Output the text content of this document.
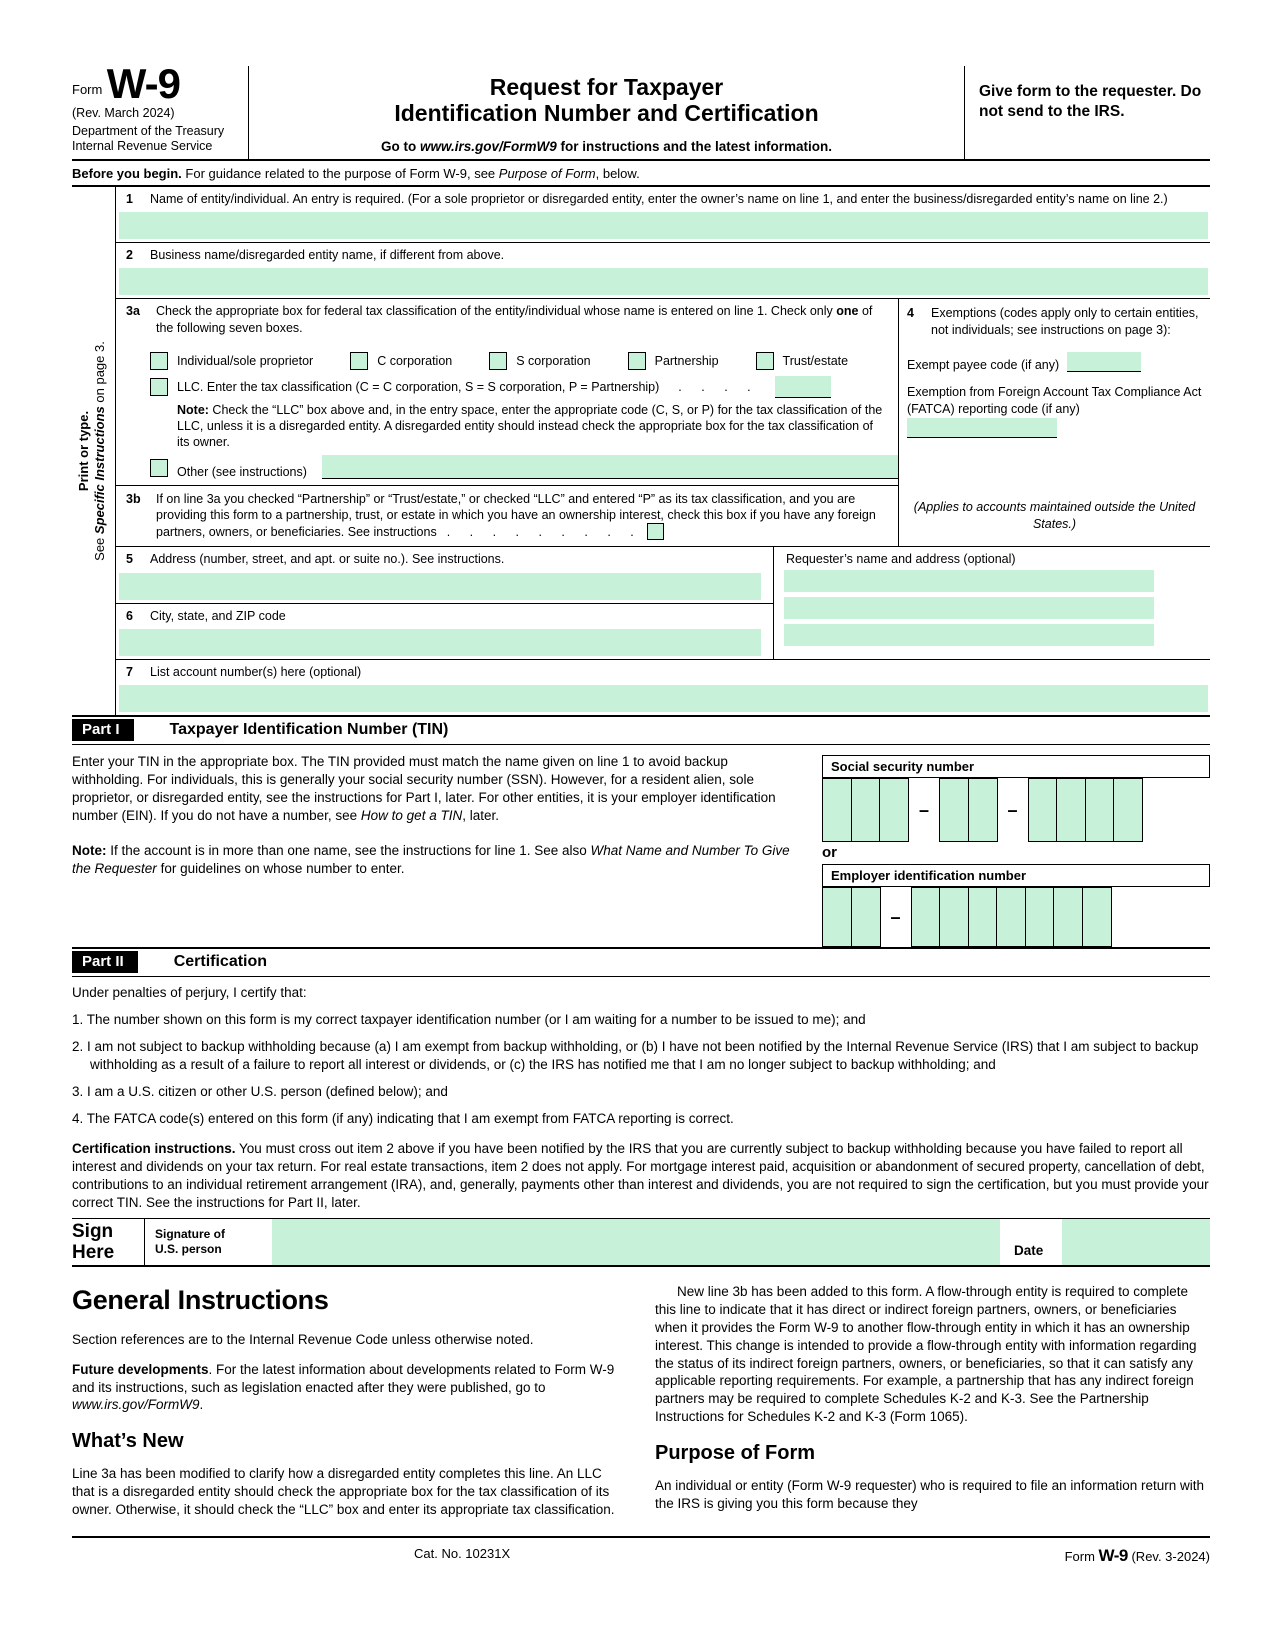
Form W-9
(Rev. March 2024)
Department of the Treasury
Internal Revenue Service
Request for Taxpayer
Identification Number and Certification
Go to www.irs.gov/FormW9 for instructions and the latest information.
Give form to the requester. Do not send to the IRS.
Before you begin. For guidance related to the purpose of Form W-9, see Purpose of Form, below.
Print or type.
See Specific Instructions on page 3.
1	Name of entity/individual. An entry is required. (For a sole proprietor or disregarded entity, enter the owner’s name on line 1, and enter the business/disregarded entity’s name on line 2.)
2	Business name/disregarded entity name, if different from above.
3a	Check the appropriate box for federal tax classification of the entity/individual whose name is entered on line 1. Check only one of the following seven boxes.
Individual/sole proprietor	C corporation	S corporation	Partnership	Trust/estate
LLC. Enter the tax classification (C = C corporation, S = S corporation, P = Partnership) . . . .
Note: Check the “LLC” box above and, in the entry space, enter the appropriate code (C, S, or P) for the tax classification of the LLC, unless it is a disregarded entity. A disregarded entity should instead check the appropriate box for the tax classification of its owner.
Other (see instructions)
3b	If on line 3a you checked “Partnership” or “Trust/estate,” or checked “LLC” and entered “P” as its tax classification, and you are providing this form to a partnership, trust, or estate in which you have an ownership interest, check this box if you have any foreign partners, owners, or beneficiaries. See instructions . . . . . . . . .
4	Exemptions (codes apply only to certain entities, not individuals; see instructions on page 3):
Exempt payee code (if any)
Exemption from Foreign Account Tax Compliance Act (FATCA) reporting code (if any)
(Applies to accounts maintained outside the United States.)
5	Address (number, street, and apt. or suite no.). See instructions.
6	City, state, and ZIP code
Requester’s name and address (optional)
7	List account number(s) here (optional)
Part I	Taxpayer Identification Number (TIN)

Enter your TIN in the appropriate box. The TIN provided must match the name given on line 1 to avoid backup withholding. For individuals, this is generally your social security number (SSN). However, for a resident alien, sole proprietor, or disregarded entity, see the instructions for Part I, later. For other entities, it is your employer identification number (EIN). If you do not have a number, see How to get a TIN, later.

Note: If the account is in more than one name, see the instructions for line 1. See also What Name and Number To Give the Requester for guidelines on whose number to enter.

Social security number
–	–
or
Employer identification number
–
Part II	Certification

Under penalties of perjury, I certify that:

1. The number shown on this form is my correct taxpayer identification number (or I am waiting for a number to be issued to me); and
2. I am not subject to backup withholding because (a) I am exempt from backup withholding, or (b) I have not been notified by the Internal Revenue Service (IRS) that I am subject to backup withholding as a result of a failure to report all interest or dividends, or (c) the IRS has notified me that I am no longer subject to backup withholding; and
3. I am a U.S. citizen or other U.S. person (defined below); and
4. The FATCA code(s) entered on this form (if any) indicating that I am exempt from FATCA reporting is correct.

Certification instructions. You must cross out item 2 above if you have been notified by the IRS that you are currently subject to backup withholding because you have failed to report all interest and dividends on your tax return. For real estate transactions, item 2 does not apply. For mortgage interest paid, acquisition or abandonment of secured property, cancellation of debt, contributions to an individual retirement arrangement (IRA), and, generally, payments other than interest and dividends, you are not required to sign the certification, but you must provide your correct TIN. See the instructions for Part II, later.

Sign
Here
Signature of
U.S. person	Date
General Instructions

Section references are to the Internal Revenue Code unless otherwise noted.

Future developments. For the latest information about developments related to Form W-9 and its instructions, such as legislation enacted after they were published, go to www.irs.gov/FormW9.

What’s New

Line 3a has been modified to clarify how a disregarded entity completes this line. An LLC that is a disregarded entity should check the appropriate box for the tax classification of its owner. Otherwise, it should check the “LLC” box and enter its appropriate tax classification.

New line 3b has been added to this form. A flow-through entity is required to complete this line to indicate that it has direct or indirect foreign partners, owners, or beneficiaries when it provides the Form W-9 to another flow-through entity in which it has an ownership interest. This change is intended to provide a flow-through entity with information regarding the status of its indirect foreign partners, owners, or beneficiaries, so that it can satisfy any applicable reporting requirements. For example, a partnership that has any indirect foreign partners may be required to complete Schedules K-2 and K-3. See the Partnership Instructions for Schedules K-2 and K-3 (Form 1065).

Purpose of Form

An individual or entity (Form W-9 requester) who is required to file an information return with the IRS is giving you this form because they

Cat. No. 10231X	Form W-9 (Rev. 3-2024)
